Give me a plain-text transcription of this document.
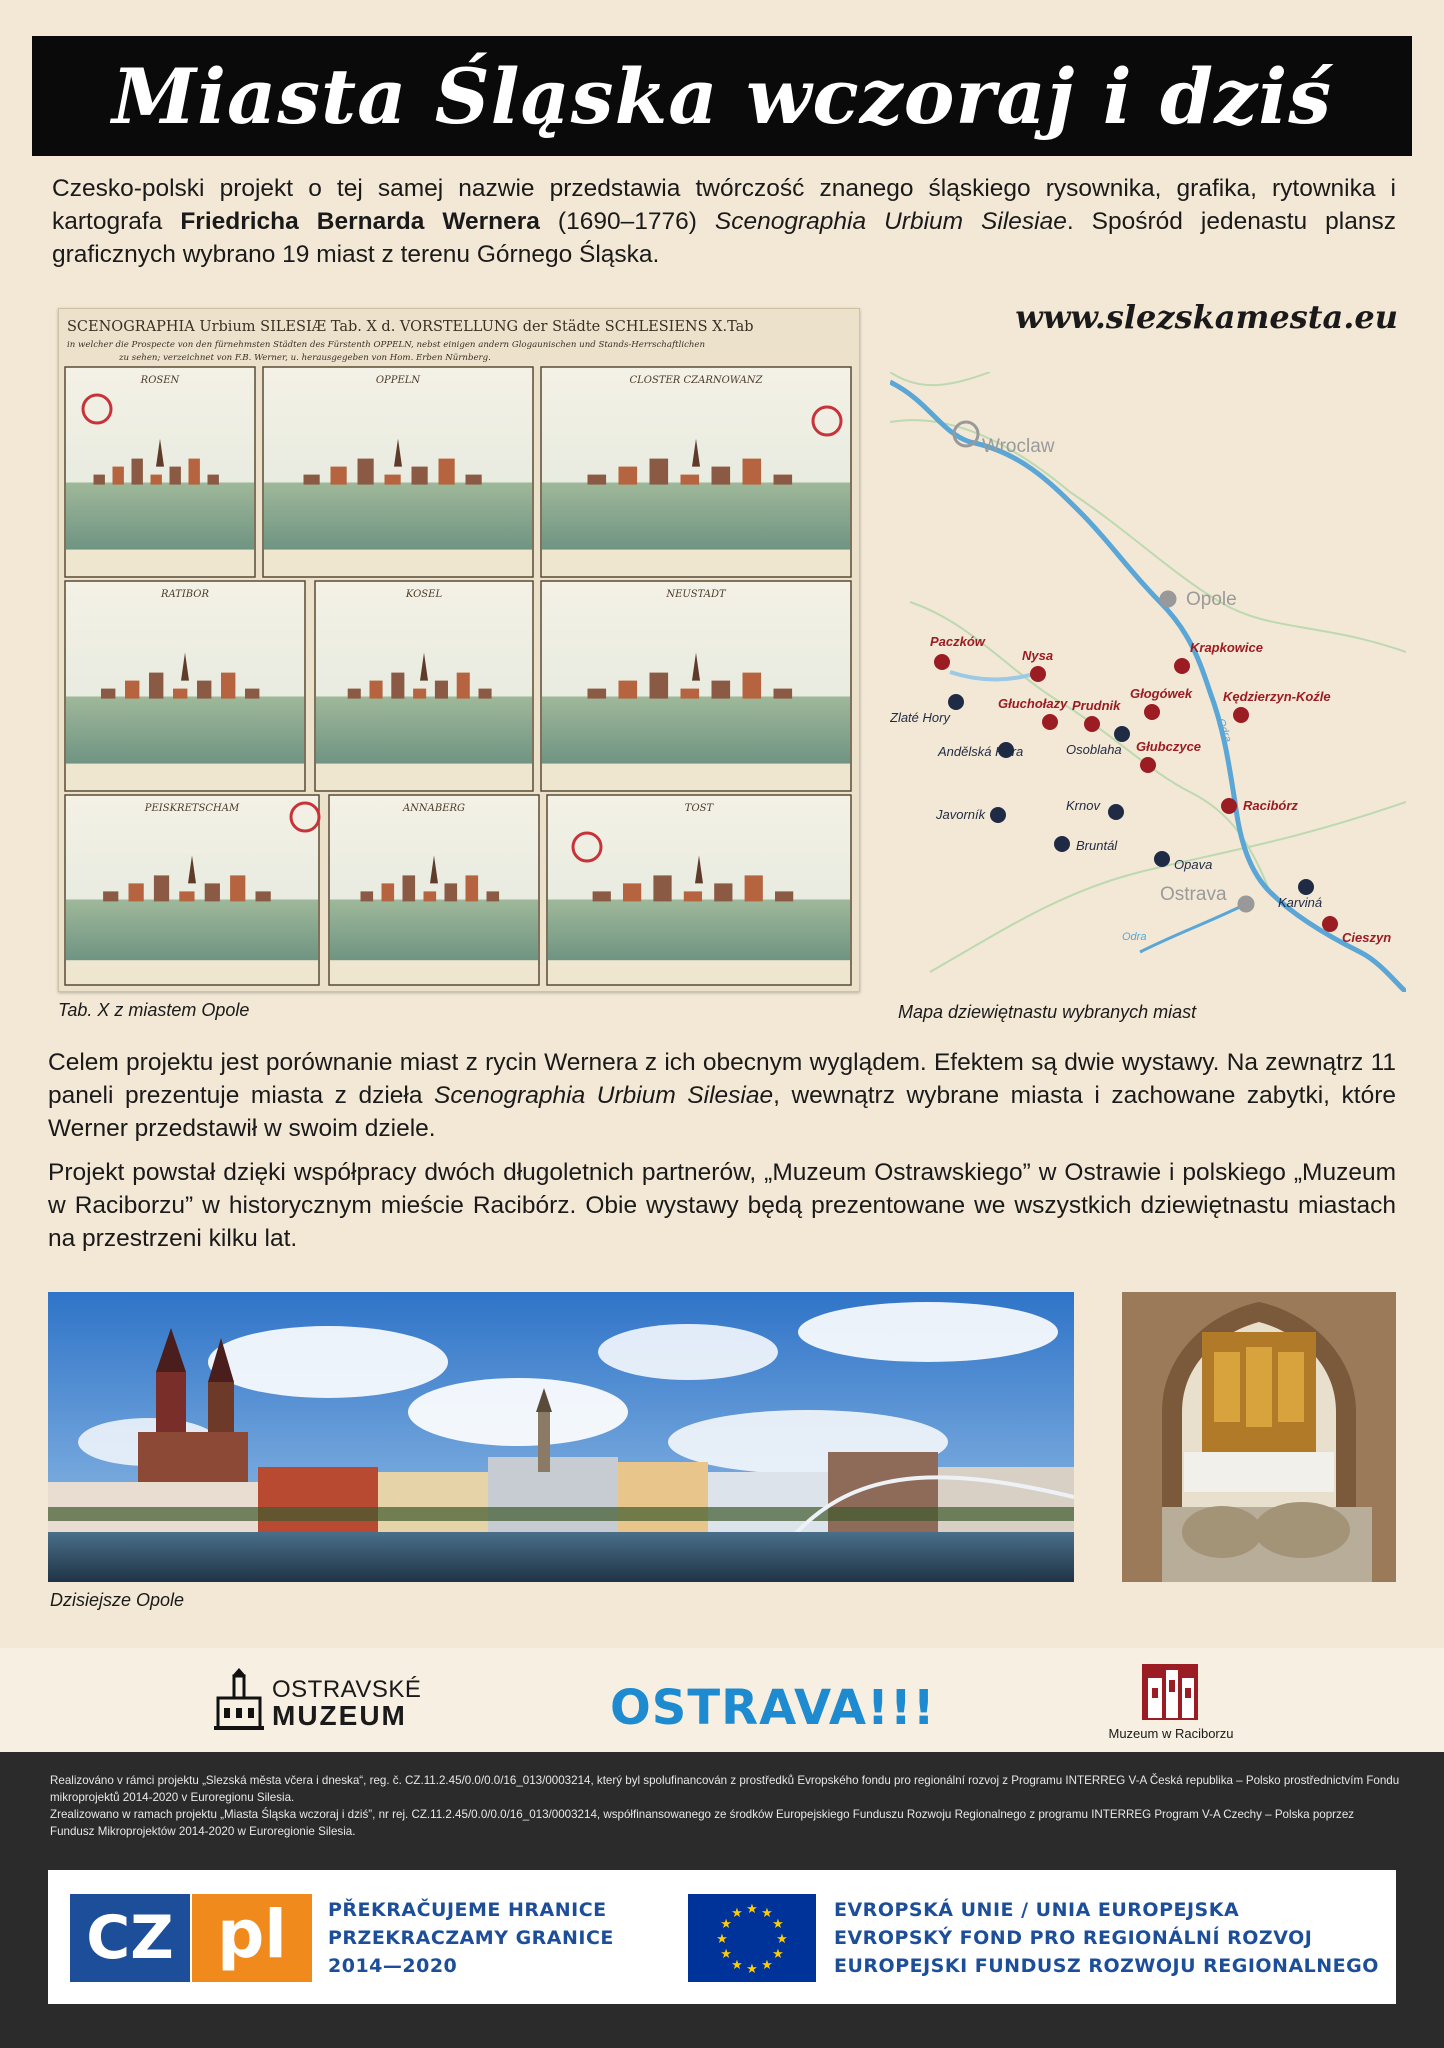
Miasta Śląska wczoraj i dziś

Czesko-polski projekt o tej samej nazwie przedstawia twórczość znanego śląskiego rysownika, grafika, rytownika i kartografa Friedricha Bernarda Wernera (1690–1776) Scenographia Urbium Silesiae. Spośród jedenastu plansz graficznych wybrano 19 miast z terenu Górnego Śląska.

SCENOGRAPHIA Urbium SILESIÆ Tab. X d. VORSTELLUNG der Städte SCHLESIENS X.Tab
in welcher die Prospecte von den fürnehmsten Städten des Fürstenth OPPELN, nebst einigen andern Glogaunischen und Stands-Herrschaftlichen
zu sehen; verzeichnet von F.B. Werner, u. herausgegeben von Hom. Erben Nürnberg.
ROSEN	OPPELN	CLOSTER CZARNOWANZ
RATIBOR	KOSEL	NEUSTADT
PEISKRETSCHAM	ANNABERG	TOST
Tab. X z miastem Opole
www.slezskamesta.eu
Odra
Odra
Wroclaw
Opole
Ostrava
Paczków
Nysa
Krapkowice
Głuchołazy Prudnik
Głogówek Kędzierzyn-Koźle
Głubczyce
Racibórz
Cieszyn
Zlaté Hory
Andělská Hora	Osoblaha
Javorník
Krnov
Bruntál
Opava
Karviná
Mapa dziewiętnastu wybranych miast

Celem projektu jest porównanie miast z rycin Wernera z ich obecnym wyglądem. Efektem są dwie wystawy. Na zewnątrz 11 paneli prezentuje miasta z dzieła Scenographia Urbium Silesiae, wewnątrz wybrane miasta i zachowane zabytki, które Werner przedstawił w swoim dziele.

Projekt powstał dzięki współpracy dwóch długoletnich partnerów, „Muzeum Ostrawskiego” w Ostrawie i polskiego „Muzeum w Raciborzu” w historycznym mieście Racibórz. Obie wystawy będą prezentowane we wszystkich dziewiętnastu miastach na przestrzeni kilku lat.

Dzisiejsze Opole
OSTRAVSKÉ
MUZEUM
Muzeum w Raciborzu
OSTRAVA!!!
Realizováno v rámci projektu „Slezská města včera i dneska“, reg. č. CZ.11.2.45/0.0/0.0/16_013/0003214, který byl spolufinancován z prostředků Evropského fondu pro regionální rozvoj z Programu INTERREG V-A Česká republika – Polsko prostřednictvím Fondu mikroprojektů 2014-2020 v Euroregionu Silesia.
Zrealizowano w ramach projektu „Miasta Śląska wczoraj i dziś”, nr rej. CZ.11.2.45/0.0/0.0/16_013/0003214, współfinansowanego ze środków Europejskiego Funduszu Rozwoju Regionalnego z programu INTERREG Program V-A Czechy – Polska poprzez Fundusz Mikroprojektów 2014-2020 w Euroregionie Silesia.
CZ pl	PŘEKRAČUJEME HRANICE
PRZEKRACZAMY GRANICE
2014—2020
★
★
★
★
★
★
★
★
★ ★ ★
★
EVROPSKÁ UNIE / UNIA EUROPEJSKA
EVROPSKÝ FOND PRO REGIONÁLNÍ ROZVOJ
EUROPEJSKI FUNDUSZ ROZWOJU REGIONALNEGO
